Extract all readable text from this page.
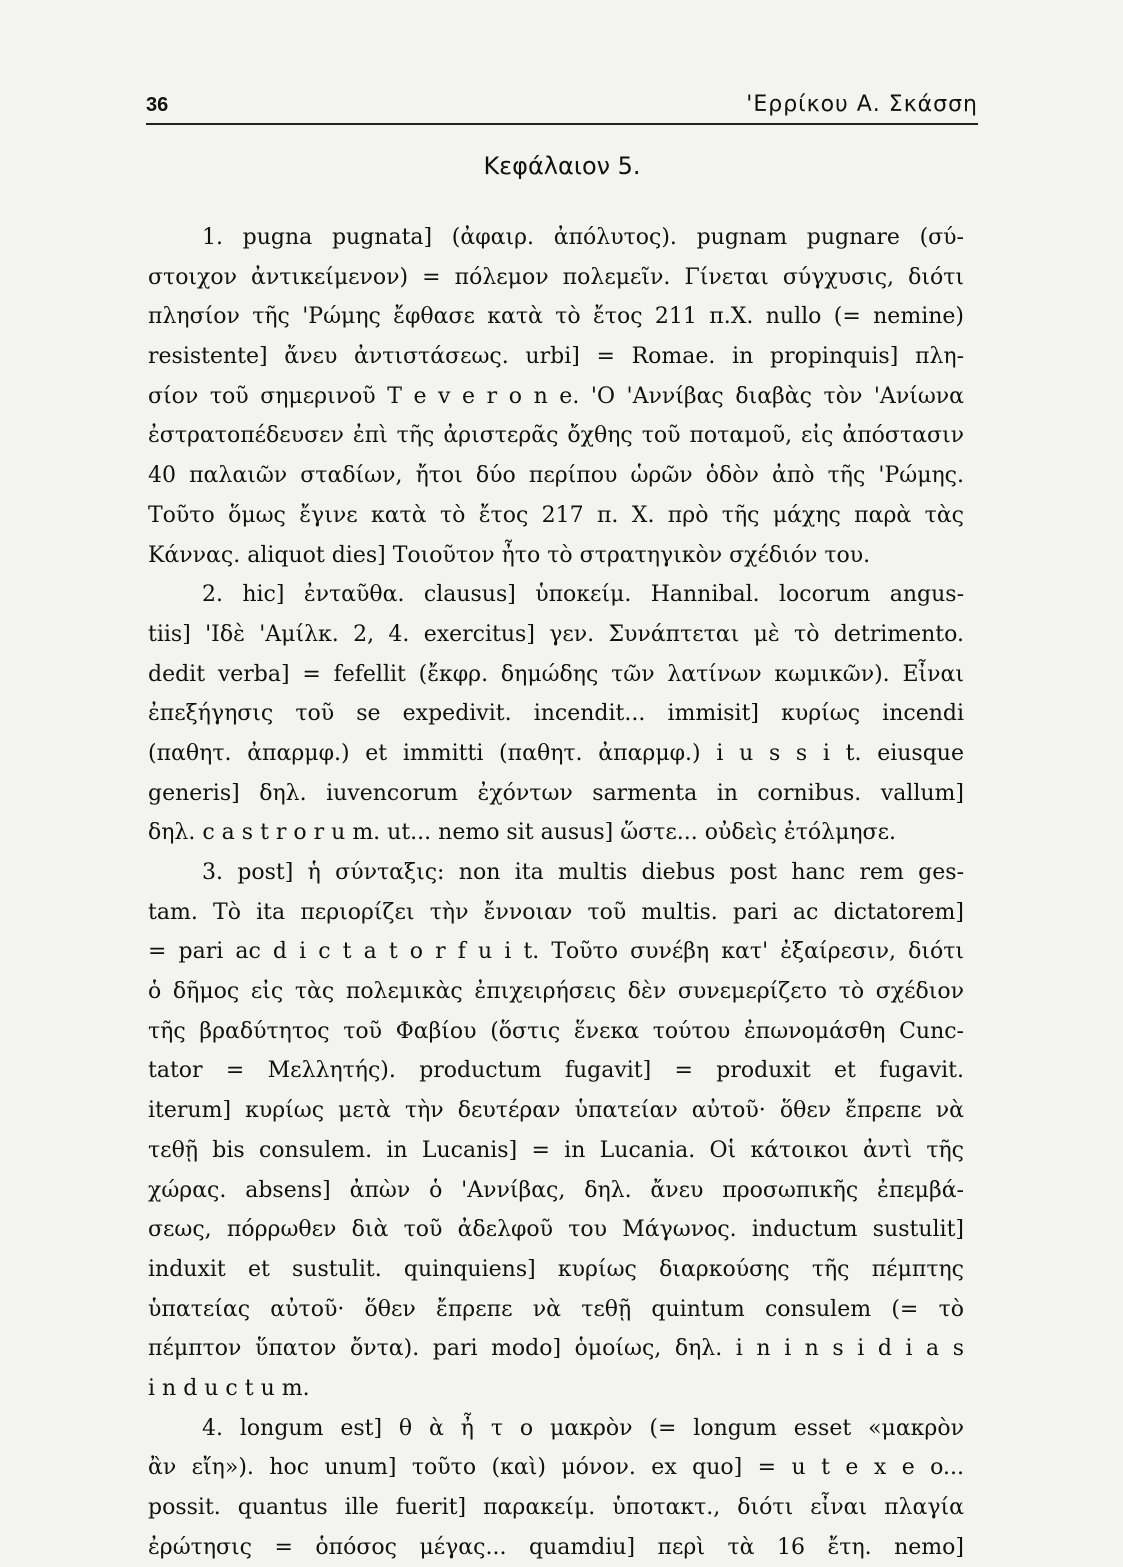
36	'Ερρίκου Α. Σκάσση
Κεφάλαιον 5.
1. pugna pugnata] (ἀφαιρ. ἀπόλυτος). pugnam pugnare (σύ-
στοιχον ἀντικείμενον) = πόλεμον πολεμεῖν. Γίνεται σύγχυσις, διότι
πλησίον τῆς 'Ρώμης ἔφθασε κατὰ τὸ ἔτος 211 π.Χ. nullo (= nemine)
resistente] ἄνευ ἀντιστάσεως. urbi] = Romae. in propinquis] πλη-
σίον τοῦ σημερινοῦ T e v e r o n e. 'Ο 'Αννίβας διαβὰς τὸν 'Ανίωνα
ἐστρατοπέδευσεν ἐπὶ τῆς ἀριστερᾶς ὄχθης τοῦ ποταμοῦ, εἰς ἀπόστασιν
40 παλαιῶν σταδίων, ἤτοι δύο περίπου ὡρῶν ὁδὸν ἀπὸ τῆς 'Ρώμης.
Τοῦτο ὅμως ἔγινε κατὰ τὸ ἔτος 217 π. Χ. πρὸ τῆς μάχης παρὰ τὰς
Κάννας. aliquot dies] Τοιοῦτον ἦτο τὸ στρατηγικὸν σχέδιόν του.
2. hic] ἐνταῦθα. clausus] ὑποκείμ. Hannibal. locorum angus-
tiis] 'Ιδὲ 'Αμίλκ. 2, 4. exercitus] γεν. Συνάπτεται μὲ τὸ detrimento.
dedit verba] = fefellit (ἔκφρ. δημώδης τῶν λατίνων κωμικῶν). Εἶναι
ἐπεξήγησις τοῦ se expedivit. incendit... immisit] κυρίως incendi
(παθητ. ἀπαρμφ.) et immitti (παθητ. ἀπαρμφ.) i u s s i t. eiusque
generis] δηλ. iuvencorum ἐχόντων sarmenta in cornibus. vallum]
δηλ. c a s t r o r u m. ut... nemo sit ausus] ὥστε... οὐδεὶς ἐτόλμησε.
3. post] ἡ σύνταξις: non ita multis diebus post hanc rem ges-
tam. Τὸ ita περιορίζει τὴν ἔννοιαν τοῦ multis. pari ac dictatorem]
= pari ac d i c t a t o r f u i t. Τοῦτο συνέβη κατ' ἐξαίρεσιν, διότι
ὁ δῆμος εἰς τὰς πολεμικὰς ἐπιχειρήσεις δὲν συνεμερίζετο τὸ σχέδιον
τῆς βραδύτητος τοῦ Φαβίου (ὅστις ἕνεκα τούτου ἐπωνομάσθη Cunc-
tator = Μελλητής). productum fugavit] = produxit et fugavit.
iterum] κυρίως μετὰ τὴν δευτέραν ὑπατείαν αὐτοῦ· ὅθεν ἔπρεπε νὰ
τεθῇ bis consulem. in Lucanis] = in Lucania. Οἱ κάτοικοι ἀντὶ τῆς
χώρας. absens] ἀπὼν ὁ 'Αννίβας, δηλ. ἄνευ προσωπικῆς ἐπεμβά-
σεως, πόρρωθεν διὰ τοῦ ἀδελφοῦ του Μάγωνος. inductum sustulit]
induxit et sustulit. quinquiens] κυρίως διαρκούσης τῆς πέμπτης
ὑπατείας αὐτοῦ· ὅθεν ἔπρεπε νὰ τεθῇ quintum consulem (= τὸ
πέμπτον ὕπατον ὄντα). pari modo] ὁμοίως, δηλ. i n i n s i d i a s
i n d u c t u m.
4. longum est] θ ὰ ἦ τ ο μακρὸν (= longum esset «μακρὸν
ἂν εἴη»). hoc unum] τοῦτο (καὶ) μόνον. ex quo] = u t e x e o...
possit. quantus ille fuerit] παρακείμ. ὑποτακτ., διότι εἶναι πλαγία
ἐρώτησις = ὁπόσος μέγας... quamdiu] περὶ τὰ 16 ἔτη. nemo]
